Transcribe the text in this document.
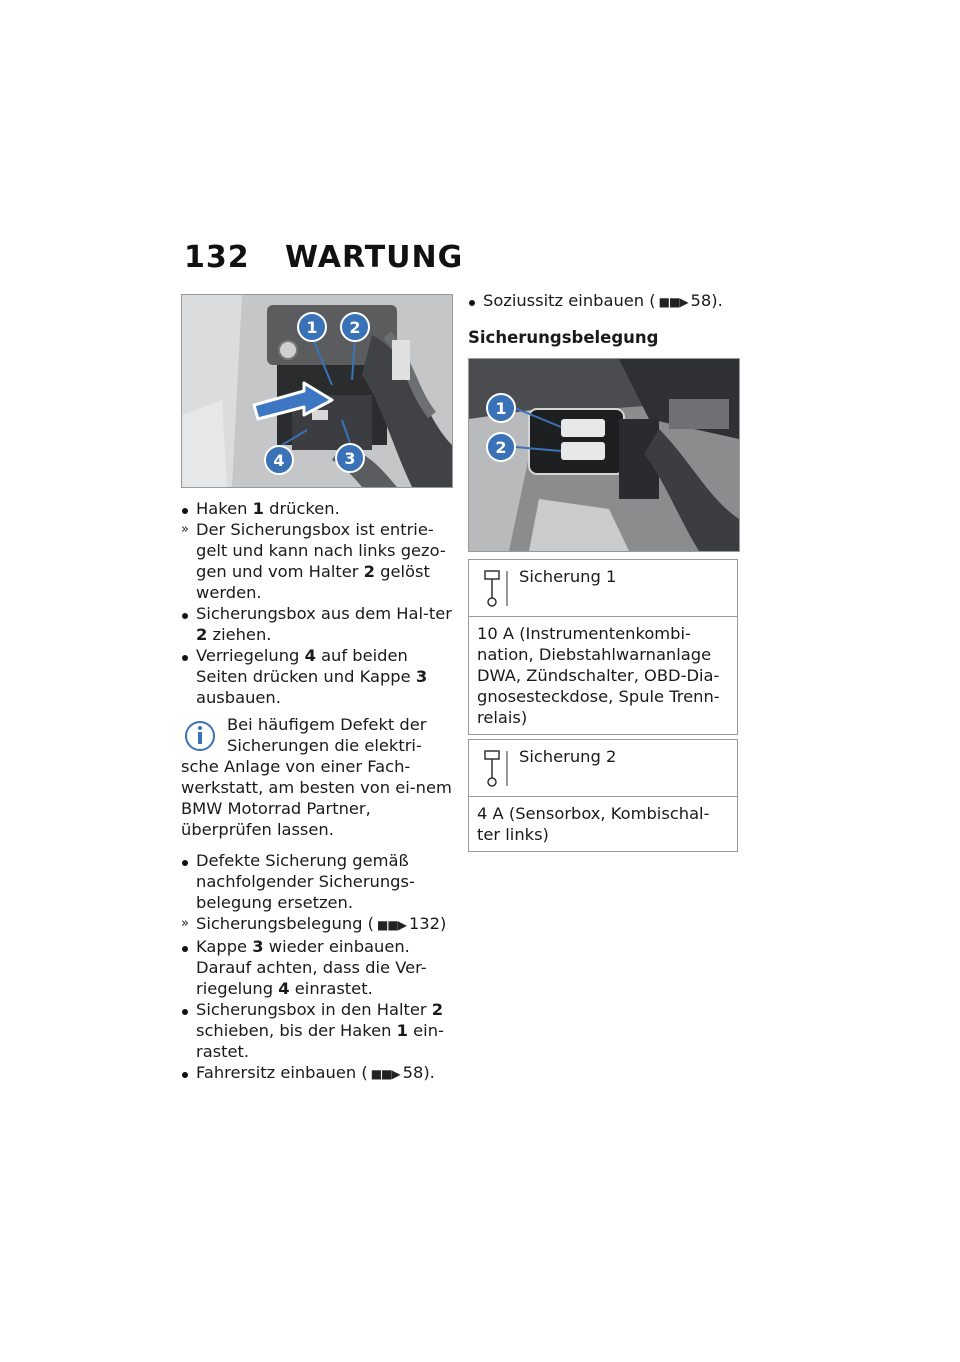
132 WARTUNG
1 2
4	3

Haken 1 drücken.

» Der Sicherungsbox ist entrie-gelt und kann nach links gezo-gen und vom Halter 2 gelöst werden.

Sicherungsbox aus dem Hal-ter 2 ziehen.

Verriegelung 4 auf beiden Seiten drücken und Kappe 3 ausbauen.

Bei häufigem Defekt der Sicherungen die elektri-
sche Anlage von einer Fach-werkstatt, am besten von ei-nem BMW Motorrad Partner, überprüfen lassen.

Defekte Sicherung gemäß nachfolgender Sicherungs-belegung ersetzen.

» Sicherungsbelegung ( ■■▶ 132)

Kappe 3 wieder einbauen. Darauf achten, dass die Ver-riegelung 4 einrastet.

Sicherungsbox in den Halter 2 schieben, bis der Haken 1 ein-rastet.

Fahrersitz einbauen ( ■■▶ 58).

Soziussitz einbauen ( ■■▶ 58).

Sicherungsbelegung
1
2
Sicherung 1
10 A (Instrumentenkombi-nation, Diebstahlwarnanlage DWA, Zündschalter, OBD-Dia-gnosesteckdose, Spule Trenn-relais)
Sicherung 2
4 A (Sensorbox, Kombischal-ter links)
